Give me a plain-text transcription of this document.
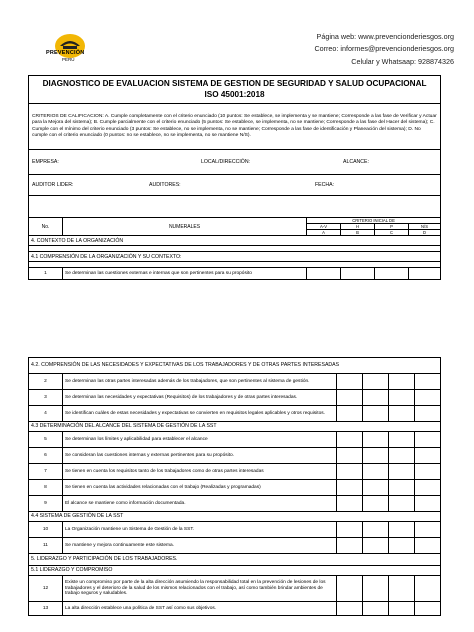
PREVENCIÓN
PERÚ
Página web: www.prevencionderiesgos.org
Correo: informes@prevencionderiesgos.org
Celular y Whatsaap: 928874326
DIAGNOSTICO DE EVALUACION SISTEMA DE GESTION DE SEGURIDAD Y SALUD OCUPACIONAL ISO 45001:2018					
CRITERIOS DE CALIFICACION: A. Cumple completamente con el criterio enunciado (10 puntos: Se establece, se implementa y se mantiene; Corresponde a las fase de Verificar y Actuar para la Mejora del sistema); B. Cumple parcialmente con el criterio enunciado (5 puntos: Se establece, se implementa, no se mantiene; Corresponde a las fase del Hacer del sistema); C. Cumple con el mínimo del criterio enunciado (3 puntos: Se establece, no se implementa, no se mantiene; Corresponde a las fase de identificación y Planeación del sistema); D. No cumple con el criterio enunciado (0 puntos: no se establece, no se implementa, no se mantiene N/S).					

EMPRESA: LOCAL/DIRECCIÓN: ALCANCE:					

AUDITOR LIDER: AUDITORES: FECHA:					

No.	NUMERALES	CRITERIO INICIAL DE			
		A-V	H	P	N/S
		A	B	C	D
4. CONTEXTO DE LA ORGANIZACIÓN					

4.1 COMPRENSIÓN DE LA ORGANIZACIÓN Y SU CONTEXTO:					

1	Se determinan las cuestiones externas e internas que son pertinentes para su propósito				
4.2. COMPRENSIÓN DE LAS NECESIDADES Y EXPECTATIVAS DE LOS TRABAJADORES Y DE OTRAS PARTES INTERESADAS					
2	Se determinan las otras partes interesadas además de los trabajadores, que son pertinentes al sistema de gestión.				
3	Se determinan las necesidades y expectativas (Requisitos) de los trabajadores y de otras partes interesadas.				
4	Se identifican cuáles de estas necesidades y expectativas se convierten en requisitos legales aplicables y otros requisitos.				
4.3 DETERMINACIÓN DEL ALCANCE DEL SISTEMA DE GESTIÓN DE LA SST					
5	Se determinan los límites y aplicabilidad para establecer el alcance				
6	Se consideran las cuestiones internas y externas pertinentes para su propósito.				
7	Se tienen en cuenta los requisitos tanto de los trabajadores como de otras partes interesadas				
8	Se tienen en cuenta las actividades relacionadas con el trabajo (Realizadas y programadas)				
9	El alcance se mantiene como información documentada.				
4.4 SISTEMA DE GESTIÓN DE LA SST					
10	La Organización mantiene un Sistema de Gestión de la SST.				
11	Se mantiene y mejora continuamente este sistema.				
5. LIDERAZGO Y PARTICIPACIÓN DE LOS TRABAJADORES.					
5.1 LIDERAZGO Y COMPROMISO					
12	Existe un compromiso por parte de la alta dirección asumiendo la responsabilidad total en la prevención de lesiones de los trabajadores y el deterioro de la salud de los mismos relacionados con el trabajo, así como también brindar ambientes de trabajo seguros y saludables.				
13	La alta dirección establece una política de SST así como sus objetivos.				
